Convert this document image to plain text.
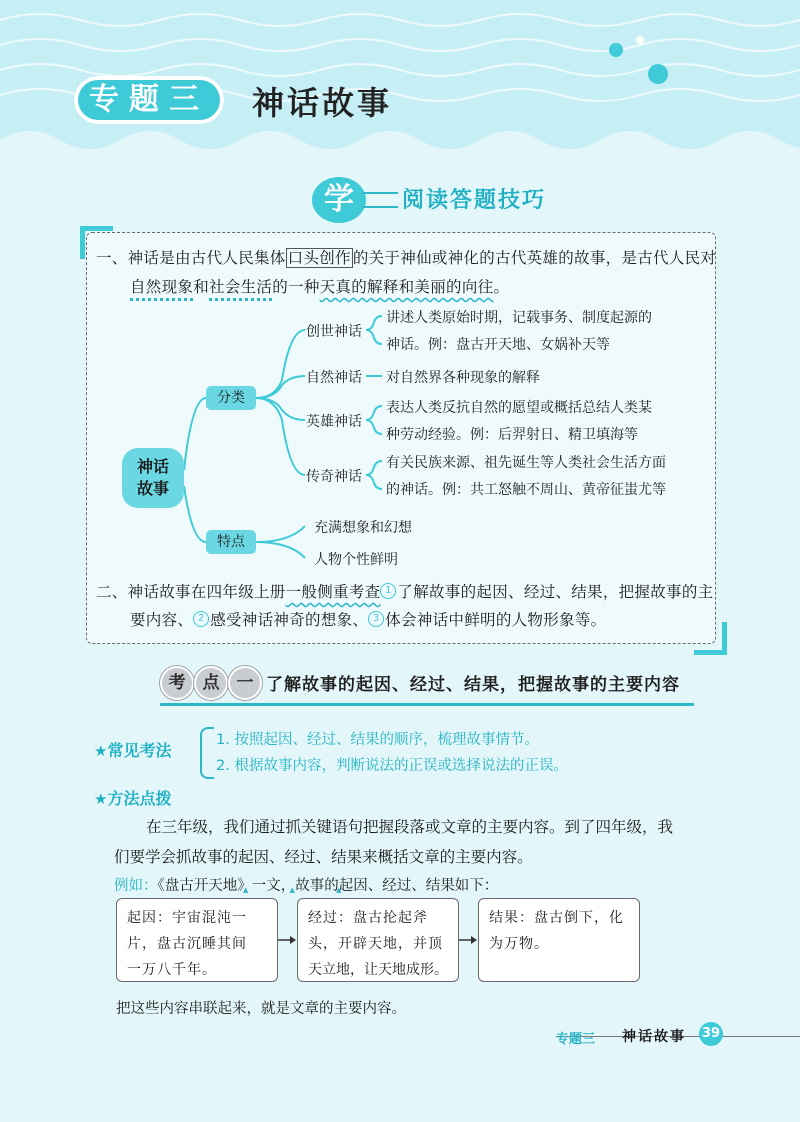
专题三	神话故事
学	阅读答题技巧
一、神话是由古代人民集体 口头创作 的关于神仙或神化的古代英雄的故事，是古代人民对
自然现象和社会生活的一种天真的解释和美丽的向往。
神话
故事
分类
特点
创世神话
讲述人类原始时期，记载事务、制度起源的
神话。例：盘古开天地、女娲补天等
自然神话 对自然界各种现象的解释
英雄神话
表达人类反抗自然的愿望或概括总结人类某
种劳动经验。例：后羿射日、精卫填海等
传奇神话
有关民族来源、祖先诞生等人类社会生活方面
的神话。例：共工怒触不周山、黄帝征蚩尤等
充满想象和幻想
人物个性鲜明
二、神话故事在四年级上册一般侧重考查 1 了解故事的起因、经过、结果，把握故事的主
要内容、 2 感受神话神奇的想象、 3 体会神话中鲜明的人物形象等。
考	点	一 了解故事的起因、经过、结果，把握故事的主要内容
★常见考法
1. 按照起因、经过、结果的顺序，梳理故事情节。
2. 根据故事内容，判断说法的正误或选择说法的正误。
★方法点拨
在三年级，我们通过抓关键语句把握段落或文章的主要内容。到了四年级，我
们要学会抓故事的▲ 起因、▲ 经过、▲ 结果来概括文章的主要内容。
例如：《盘古开天地》一文，故事的起因、经过、结果如下：
起因：宇宙混沌一
片，盘古沉睡其间
一万八千年。
经过：盘古抡起斧
头，开辟天地，并顶
天立地，让天地成形。
结果：盘古倒下，化
为万物。
把这些内容串联起来，就是文章的主要内容。
专题三 神话故事 39
